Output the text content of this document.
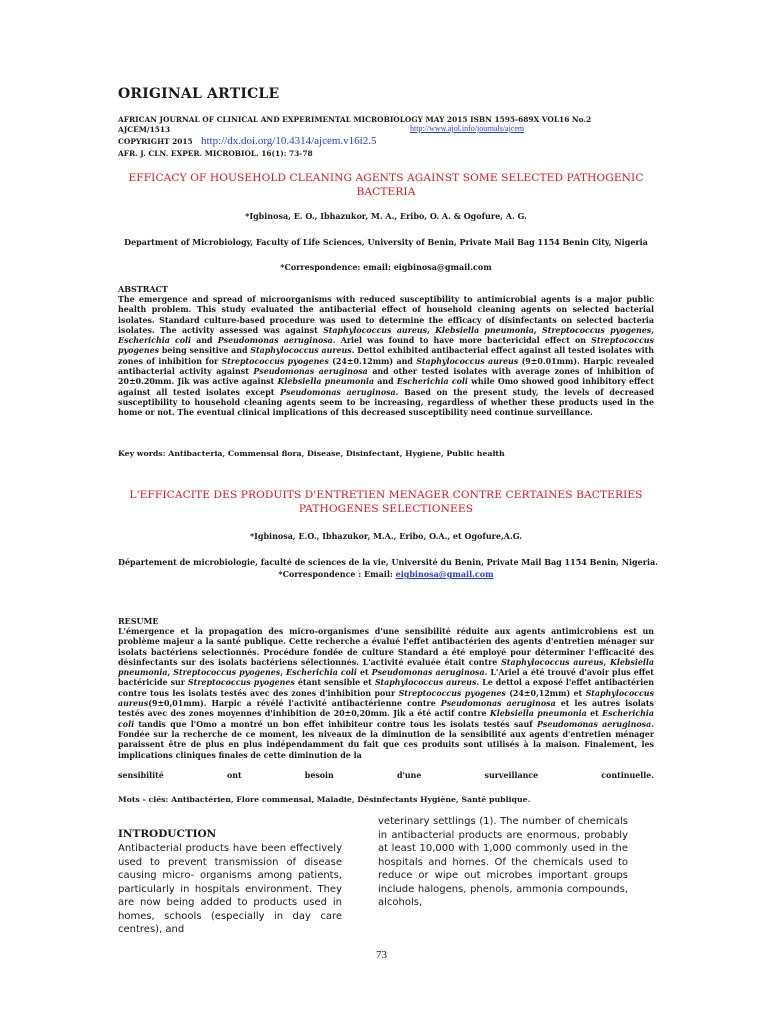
ORIGINAL ARTICLE
AFRICAN JOURNAL OF CLINICAL AND EXPERIMENTAL MICROBIOLOGY MAY 2015 ISBN 1595-689X VOL16 No.2
AJCEM/1513	http://www.ajol.info/journals/ajcem
COPYRIGHT 2015 http://dx.doi.org/10.4314/ajcem.v16i2.5
AFR. J. CLN. EXPER. MICROBIOL. 16(1): 73-78
EFFICACY OF HOUSEHOLD CLEANING AGENTS AGAINST SOME SELECTED PATHOGENIC
BACTERIA
*Igbinosa, E. O., Ibhazukor, M. A., Eribo, O. A. & Ogofure, A. G.
Department of Microbiology, Faculty of Life Sciences, University of Benin, Private Mail Bag 1154 Benin City, Nigeria
*Correspondence: email: eigbinosa@gmail.com
ABSTRACT
The emergence and spread of microorganisms with reduced susceptibility to antimicrobial agents is a major public health problem. This study evaluated the antibacterial effect of household cleaning agents on selected bacterial isolates. Standard culture-based procedure was used to determine the efficacy of disinfectants on selected bacteria isolates. The activity assessed was against Staphylococcus aureus, Klebsiella pneumonia, Streptococcus pyogenes, Escherichia coli and Pseudomonas aeruginosa. Ariel was found to have more bactericidal effect on Streptococcus pyogenes being sensitive and Staphylococcus aureus. Dettol exhibited antibacterial effect against all tested isolates with zones of inhibition for Streptococcus pyogenes (24±0.12mm) and Staphylococcus aureus (9±0.01mm). Harpic revealed antibacterial activity against Pseudomonas aeruginosa and other tested isolates with average zones of inhibition of 20±0.20mm. Jik was active against Klebsiella pneumonia and Escherichia coli while Omo showed good inhibitory effect against all tested isolates except Pseudomonas aeruginosa. Based on the present study, the levels of decreased susceptibility to household cleaning agents seem to be increasing, regardless of whether these products used in the home or not. The eventual clinical implications of this decreased susceptibility need continue surveillance.
Key words: Antibacteria, Commensal flora, Disease, Disinfectant, Hygiene, Public health
L'EFFICACITE DES PRODUITS D'ENTRETIEN MENAGER CONTRE CERTAINES BACTERIES
PATHOGENES SELECTIONEES
*Igbinosa, E.O., Ibhazukor, M.A., Eribo, O.A., et Ogofure,A.G.
Département de microbiologie, faculté de sciences de la vie, Université du Benin, Private Mail Bag 1154 Benin, Nigeria.
*Correspondence : Email: eigbinosa@gmail.com
RESUME
L'émergence et la propagation des micro-organismes d'une sensibilité réduite aux agents antimicrobiens est un problème majeur a la santé publique. Cette recherche a évalué l'effet antibactérien des agents d'entretien ménager sur isolats bactériens selectionnés. Procédure fondée de culture Standard a été employé pour déterminer l'efficacité des désinfectants sur des isolats bactériens sélectionnés. L'activité evaluée était contre Staphylococcus aureus, Klebsiella pneumonia, Streptococcus pyogenes, Escherichia coli et Pseudomonas aeruginosa. L'Ariel a été trouvé d'avoir plus effet bactéricide sur Streptococcus pyogenes étant sensible et Staphylococcus aureus. Le dettol a exposé l'effet antibactérien contre tous les isolats testés avec des zones d'inhibition pour Streptococcus pyogenes (24±0,12mm) et Staphylococcus aureus(9±0,01mm). Harpic a révélé l'activité antibactérienne contre Pseudomonas aeruginosa et les autres isolats testés avec des zones moyennes d'inhibition de 20±0,20mm. Jik a été actif contre Klebsiella pneumonia et Escherichia coli tandis que l'Omo a montré un bon effet inhibiteur contre tous les isolats testés sauf Pseudomonas aeruginosa. Fondée sur la recherche de ce moment, les niveaux de la diminution de la sensibilité aux agents d'entretien ménager paraissent être de plus en plus indépendamment du fait que ces produits sont utilisés à la maison. Finalement, les implications cliniques finales de cette diminution de la
sensibilité	ont	besoin	d'une	surveillance	continuelle.
Mots - clés: Antibactérien, Flore commensal, Maladie, Désinfectants Hygiène, Santé publique.
INTRODUCTION
Antibacterial products have been effectively used to prevent transmission of disease causing micro- organisms among patients, particularly in hospitals environment. They are now being added to products used in homes, schools (especially in day care centres), and
veterinary settlings (1). The number of chemicals in antibacterial products are enormous, probably at least 10,000 with 1,000 commonly used in the hospitals and homes. Of the chemicals used to reduce or wipe out microbes important groups include halogens, phenols, ammonia compounds, alcohols,
73
